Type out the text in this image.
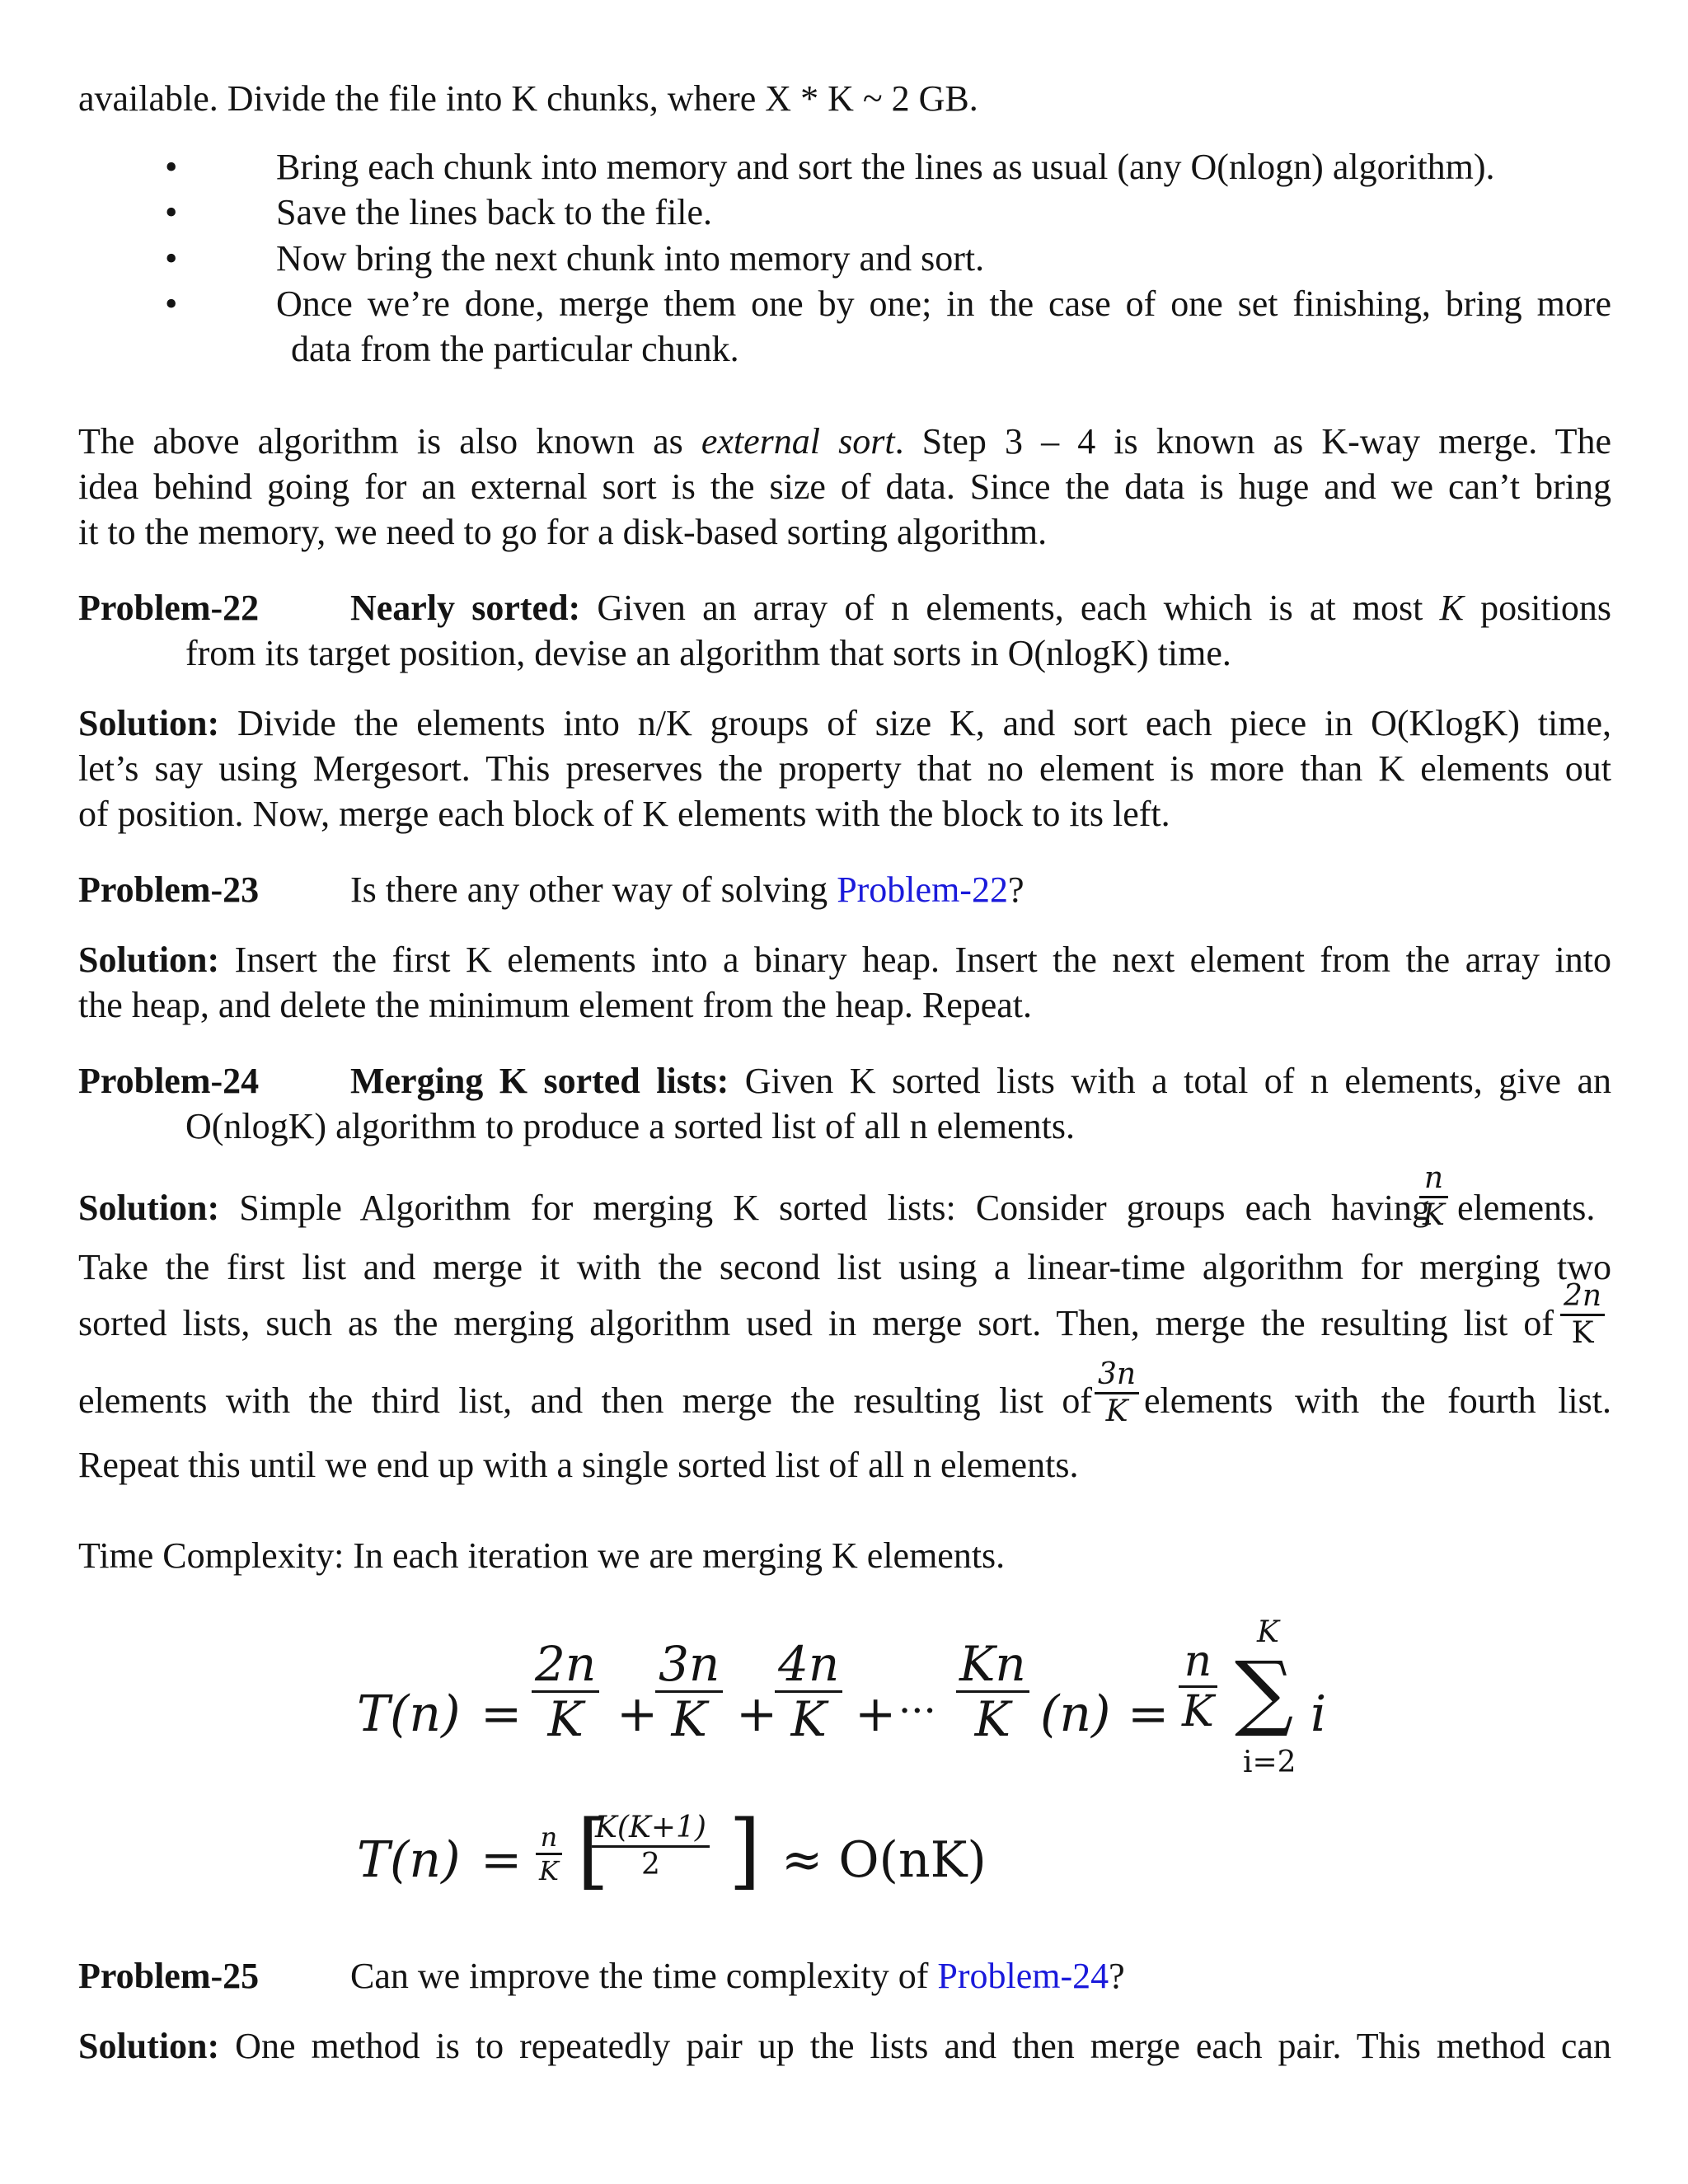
available. Divide the file into K chunks, where X * K ~ 2 GB.
•	Bring each chunk into memory and sort the lines as usual (any O(nlogn) algorithm).
•	Save the lines back to the file.
•	Now bring the next chunk into memory and sort.
•	Once we’re done, merge them one by one; in the case of one set finishing, bring more
data from the particular chunk.
The above algorithm is also known as external sort. Step 3 – 4 is known as K-way merge. The
idea behind going for an external sort is the size of data. Since the data is huge and we can’t bring
it to the memory, we need to go for a disk-based sorting algorithm.
Problem-22	Nearly sorted: Given an array of n elements, each which is at most K positions
from its target position, devise an algorithm that sorts in O(nlogK) time.
Solution: Divide the elements into n/K groups of size K, and sort each piece in O(KlogK) time,
let’s say using Mergesort. This preserves the property that no element is more than K elements out
of position. Now, merge each block of K elements with the block to its left.
Problem-23	Is there any other way of solving Problem-22?
Solution: Insert the first K elements into a binary heap. Insert the next element from the array into
the heap, and delete the minimum element from the heap. Repeat.
Problem-24	Merging K sorted lists: Given K sorted lists with a total of n elements, give an
O(nlogK) algorithm to produce a sorted list of all n elements.
Solution: Simple Algorithm for merging K sorted lists: Consider groups each having
n
K elements.
Take the first list and merge it with the second list using a linear-time algorithm for merging two
sorted lists, such as the merging algorithm used in merge sort. Then, merge the resulting list of
2n
K
elements with the third list, and then merge the resulting list of
3n
K elements with the fourth list.
Repeat this until we end up with a single sorted list of all n elements.
Time Complexity: In each iteration we are merging K elements.
T(n) =
2n
K +
3n
K +
4n
K + ···
Kn
K (n) =
n
K
K
∑
i=2
i
T(n) = n
K [
K(K+1)
2 ] ≈ O(nK)
Problem-25	Can we improve the time complexity of Problem-24?
Solution: One method is to repeatedly pair up the lists and then merge each pair. This method can
